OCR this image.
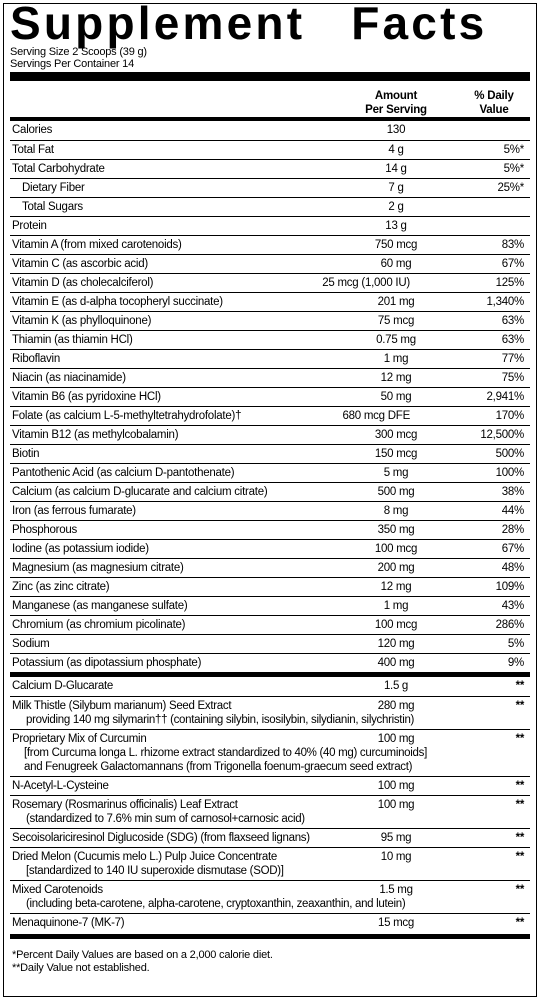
Supplement Facts
Serving Size 2 Scoops (39 g)
Servings Per Container 14
Amount
Per Serving
% Daily
Value
Calories	130
Total Fat	4 g	5%*
Total Carbohydrate	14 g	5%*
Dietary Fiber	7 g	25%*
Total Sugars	2 g
Protein	13 g
Vitamin A (from mixed carotenoids)	750 mcg	83%
Vitamin C (as ascorbic acid)	60 mg	67%
Vitamin D (as cholecalciferol)	25 mcg (1,000 IU)	125%
Vitamin E (as d-alpha tocopheryl succinate)	201 mg	1,340%
Vitamin K (as phylloquinone)	75 mcg	63%
Thiamin (as thiamin HCl)	0.75 mg	63%
Riboflavin	1 mg	77%
Niacin (as niacinamide)	12 mg	75%
Vitamin B6 (as pyridoxine HCl)	50 mg	2,941%
Folate (as calcium L-5-methyltetrahydrofolate)†	680 mcg DFE	170%
Vitamin B12 (as methylcobalamin)	300 mcg	12,500%
Biotin	150 mcg	500%
Pantothenic Acid (as calcium D-pantothenate)	5 mg	100%
Calcium (as calcium D-glucarate and calcium citrate)	500 mg	38%
Iron (as ferrous fumarate)	8 mg	44%
Phosphorous	350 mg	28%
Iodine (as potassium iodide)	100 mcg	67%
Magnesium (as magnesium citrate)	200 mg	48%
Zinc (as zinc citrate)	12 mg	109%
Manganese (as manganese sulfate)	1 mg	43%
Chromium (as chromium picolinate)	100 mcg	286%
Sodium	120 mg	5%
Potassium (as dipotassium phosphate)	400 mg	9%
Calcium D-Glucarate	1.5 g	**
Milk Thistle (Silybum marianum) Seed Extract
providing 140 mg silymarin†† (containing silybin, isosilybin, silydianin, silychristin)
280 mg	**
Proprietary Mix of Curcumin
[from Curcuma longa L. rhizome extract standardized to 40% (40 mg) curcuminoids]
and Fenugreek Galactomannans (from Trigonella foenum-graecum seed extract)
100 mg	**
N-Acetyl-L-Cysteine	100 mg	**
Rosemary (Rosmarinus officinalis) Leaf Extract
(standardized to 7.6% min sum of carnosol+carnosic acid)
100 mg	**
Secoisolariciresinol Diglucoside (SDG) (from flaxseed lignans)	95 mg	**
Dried Melon (Cucumis melo L.) Pulp Juice Concentrate
[standardized to 140 IU superoxide dismutase (SOD)]
10 mg	**
Mixed Carotenoids
(including beta-carotene, alpha-carotene, cryptoxanthin, zeaxanthin, and lutein)
1.5 mg	**
Menaquinone-7 (MK-7)	15 mcg	**
*Percent Daily Values are based on a 2,000 calorie diet.
**Daily Value not established.
